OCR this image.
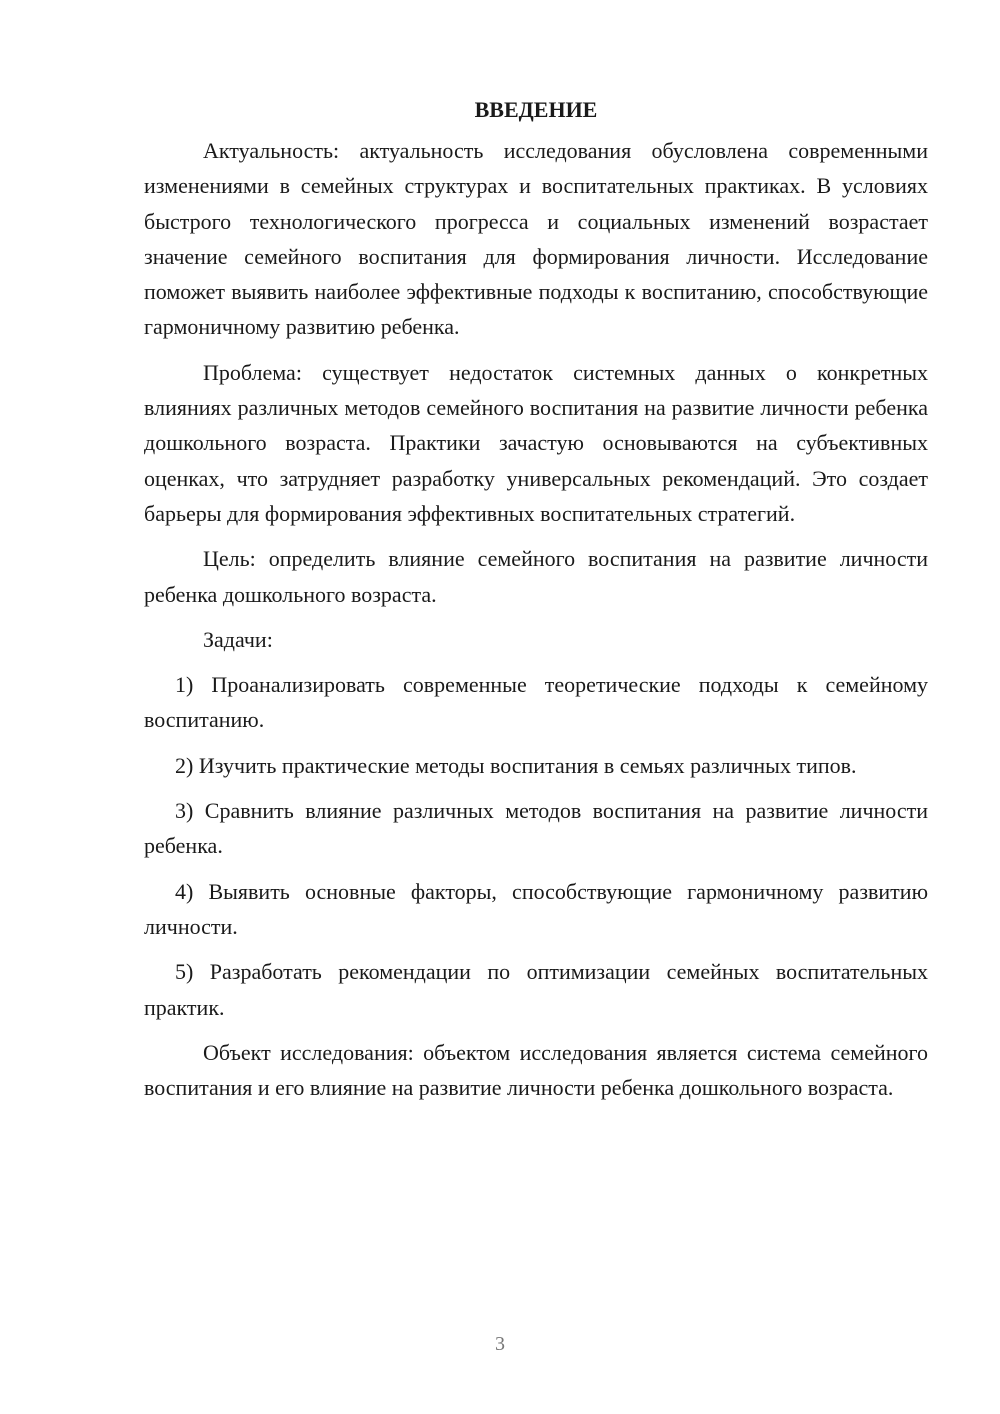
ВВЕДЕНИЕ

Актуальность: актуальность исследования обусловлена современными изменениями в семейных структурах и воспитательных практиках. В условиях быстрого технологического прогресса и социальных изменений возрастает значение семейного воспитания для формирования личности. Исследование поможет выявить наиболее эффективные подходы к воспитанию, способствующие гармоничному развитию ребенка.

Проблема: существует недостаток системных данных о конкретных влияниях различных методов семейного воспитания на развитие личности ребенка дошкольного возраста. Практики зачастую основываются на субъективных оценках, что затрудняет разработку универсальных рекомендаций. Это создает барьеры для формирования эффективных воспитательных стратегий.

Цель: определить влияние семейного воспитания на развитие личности ребенка дошкольного возраста.

Задачи:

1) Проанализировать современные теоретические подходы к семейному воспитанию.

2) Изучить практические методы воспитания в семьях различных типов.

3) Сравнить влияние различных методов воспитания на развитие личности ребенка.

4) Выявить основные факторы, способствующие гармоничному развитию личности.

5) Разработать рекомендации по оптимизации семейных воспитательных практик.

Объект исследования: объектом исследования является система семейного воспитания и его влияние на развитие личности ребенка дошкольного возраста.

3
